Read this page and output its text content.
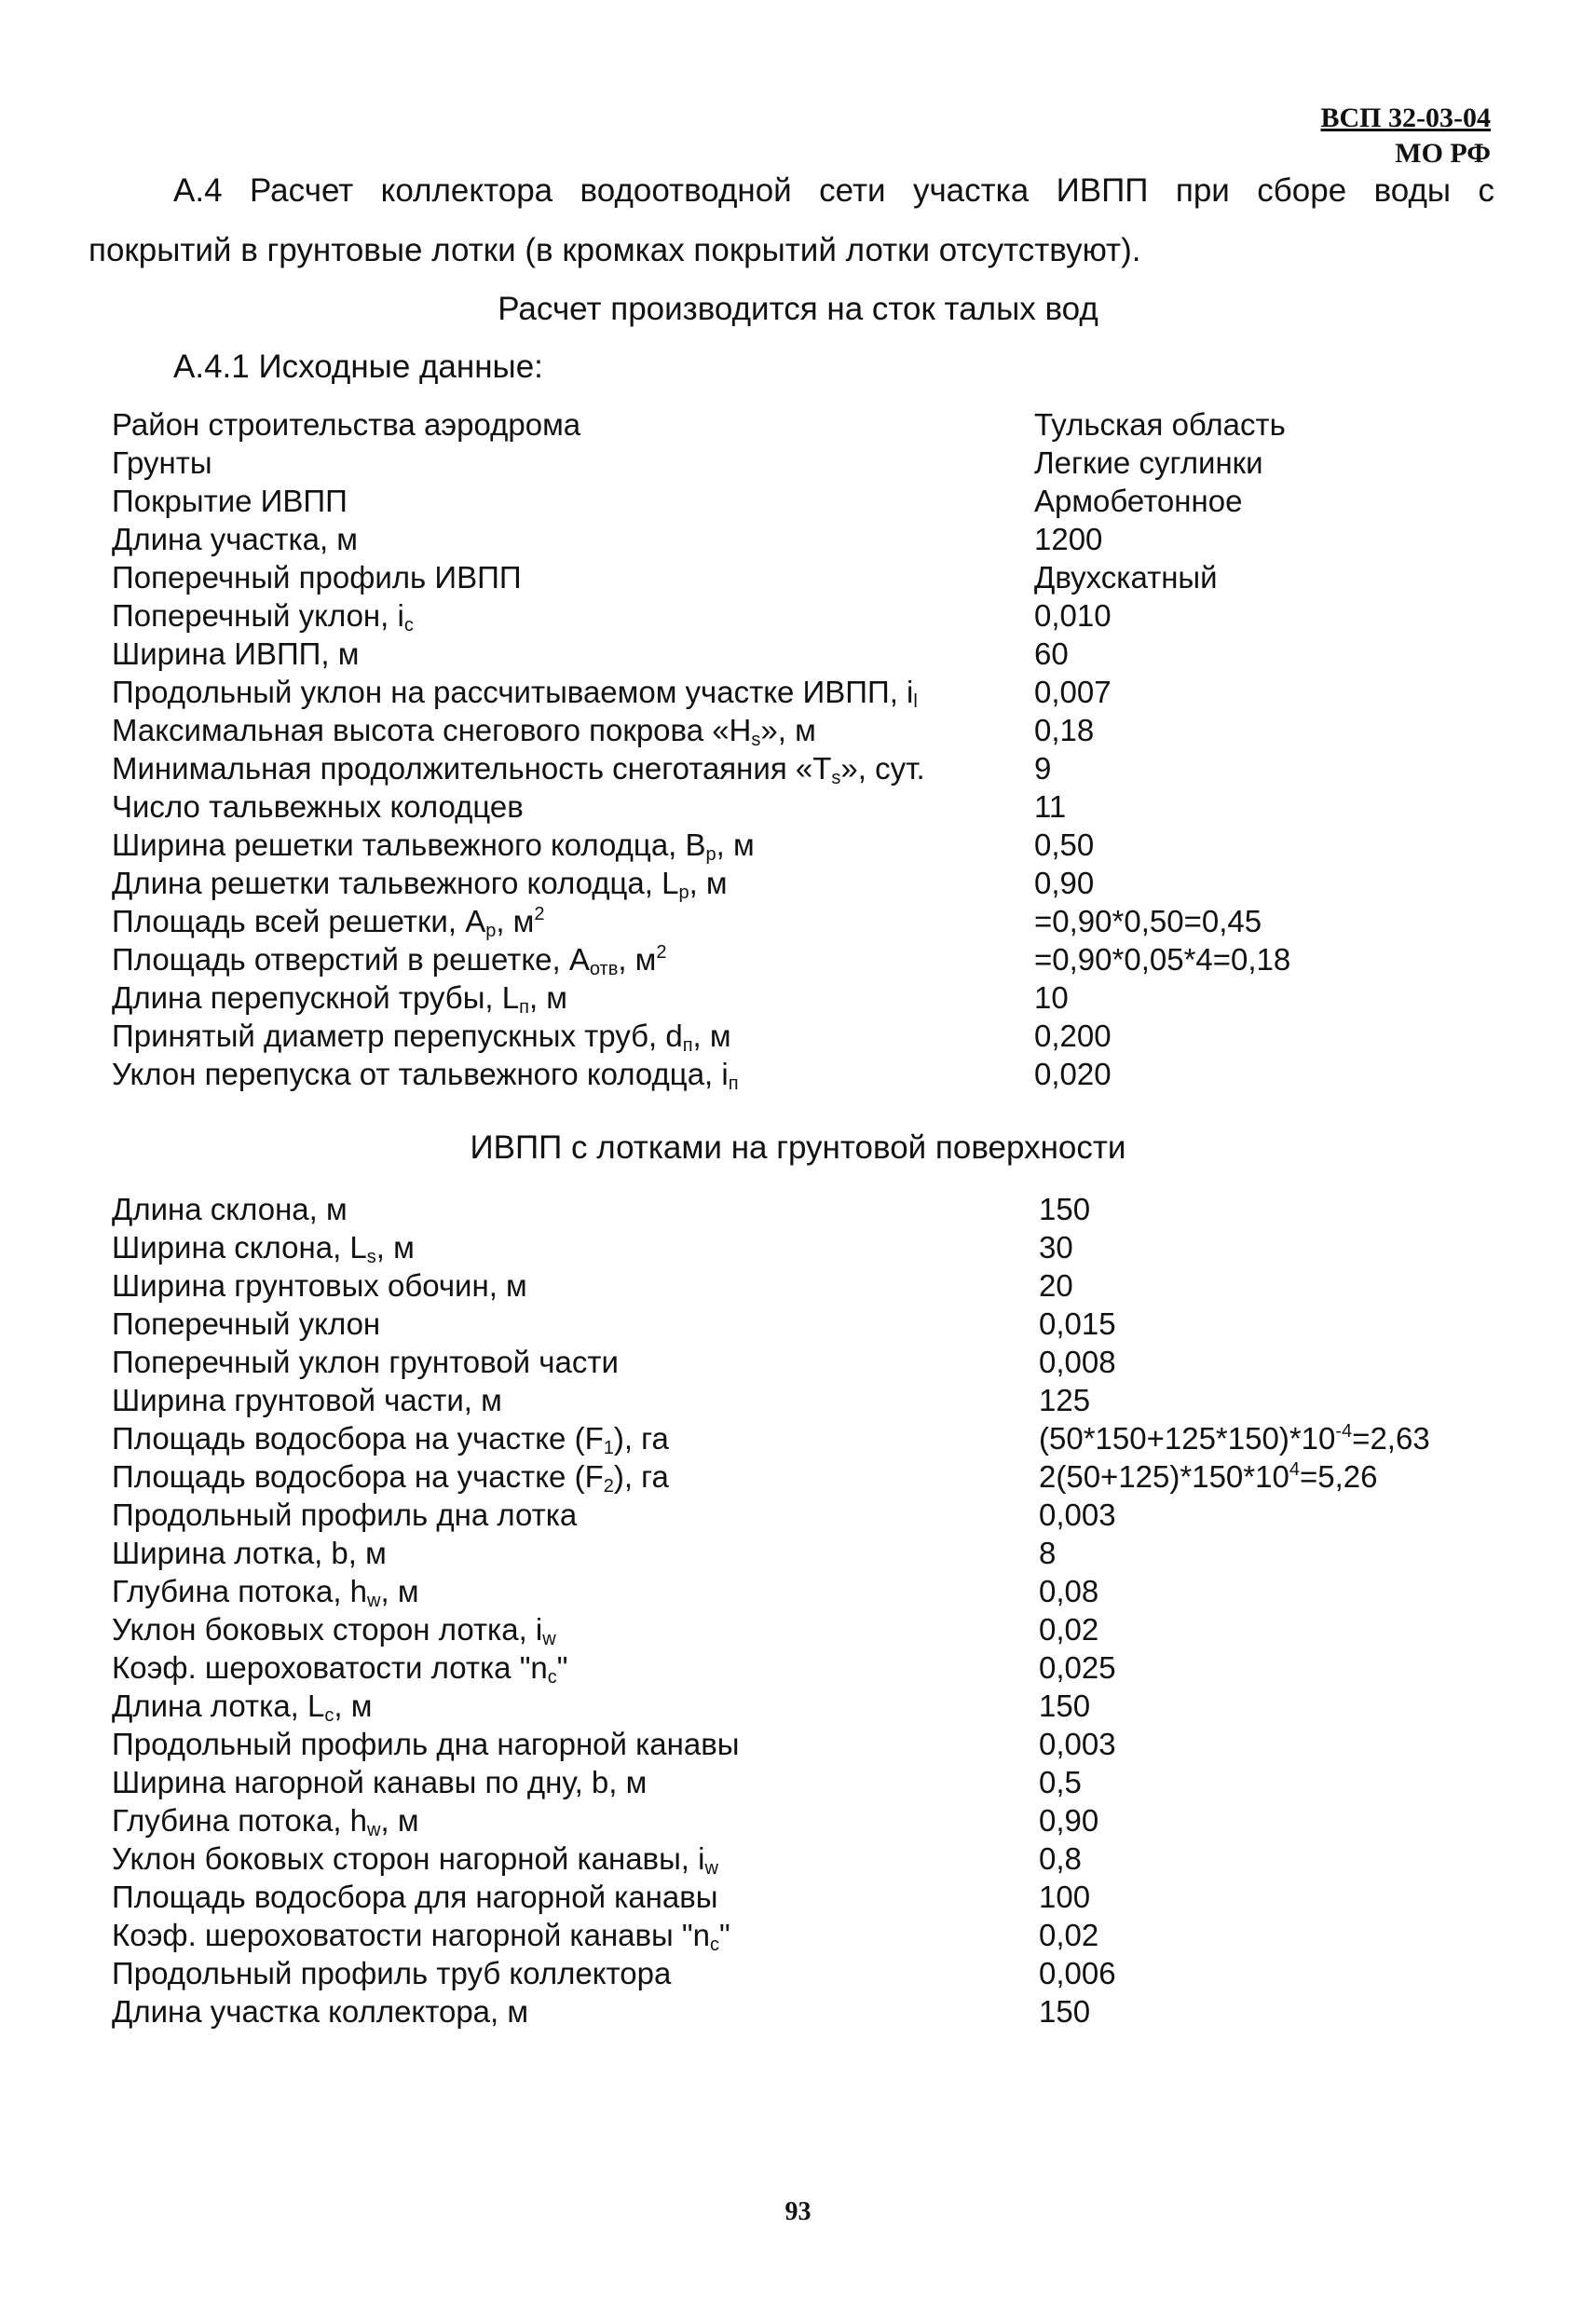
ВСП 32-03-04
МО РФ
А.4 Расчет коллектора водоотводной сети участка ИВПП при сборе воды с
покрытий в грунтовые лотки (в кромках покрытий лотки отсутствуют).
Расчет производится на сток талых вод
А.4.1 Исходные данные:
Район строительства аэродрома	Тульская область
Грунты	Легкие суглинки
Покрытие ИВПП	Армобетонное
Длина участка, м	1200
Поперечный профиль ИВПП	Двухскатный
Поперечный уклон, $i_c$	0,010
Ширина ИВПП, м	60
Продольный уклон на рассчитываемом участке ИВПП, $i_l$	0,007
Максимальная высота снегового покрова «$H_s$», м	0,18
Минимальная продолжительность снеготаяния «$T_s$», сут.	9
Число тальвежных колодцев	11
Ширина решетки тальвежного колодца, $B_p$, м	0,50
Длина решетки тальвежного колодца, $L_p$, м	0,90
Площадь всей решетки, $A_p$, $м^2$	=0,90*0,50=0,45
Площадь отверстий в решетке, $A_{отв}$, $м^2$	=0,90*0,05*4=0,18
Длина перепускной трубы, $L_п$, м	10
Принятый диаметр перепускных труб, $d_п$, м	0,200
Уклон перепуска от тальвежного колодца, $i_п$	0,020
ИВПП с лотками на грунтовой поверхности
Длина склона, м	150
Ширина склона, $L_s$, м	30
Ширина грунтовых обочин, м	20
Поперечный уклон	0,015
Поперечный уклон грунтовой части	0,008
Ширина грунтовой части, м	125
Площадь водосбора на участке $(F_1)$, га	$(50*150+125*150)*10^{-4}=2,63$
Площадь водосбора на участке $(F_2)$, га	$2(50+125)*150*10^4=5,26$
Продольный профиль дна лотка	0,003
Ширина лотка, b, м	8
Глубина потока, $h_w$, м	0,08
Уклон боковых сторон лотка, $i_w$	0,02
Коэф. шероховатости лотка "$n_c$"	0,025
Длина лотка, $L_c$, м	150
Продольный профиль дна нагорной канавы	0,003
Ширина нагорной канавы по дну, b, м	0,5
Глубина потока, $h_w$, м	0,90
Уклон боковых сторон нагорной канавы, $i_w$	0,8
Площадь водосбора для нагорной канавы	100
Коэф. шероховатости нагорной канавы "$n_c$"	0,02
Продольный профиль труб коллектора	0,006
Длина участка коллектора, м	150
93
